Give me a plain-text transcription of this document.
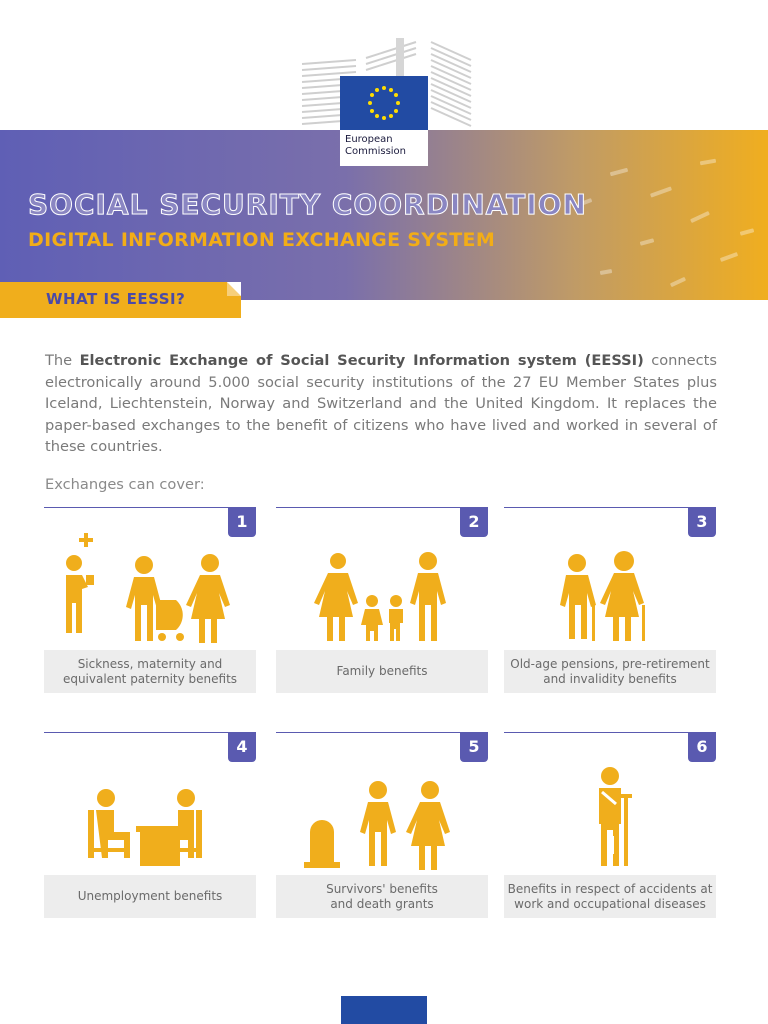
European
Commission
SOCIAL SECURITY COORDINATION
DIGITAL INFORMATION EXCHANGE SYSTEM
WHAT IS EESSI?

The Electronic Exchange of Social Security Information system (EESSI) connects electronically around 5.000 social security institutions of the 27 EU Member States plus Iceland, Liechtenstein, Norway and Switzerland and the United Kingdom. It replaces the paper-based exchanges to the benefit of citizens who have lived and worked in several of these countries.

Exchanges can cover:
1
Sickness, maternity and
equivalent paternity benefits
2
Family benefits
3
Old-age pensions, pre-retirement
and invalidity benefits
4
Unemployment benefits
5
Survivors' benefits
and death grants
6
Benefits in respect of accidents at
work and occupational diseases
